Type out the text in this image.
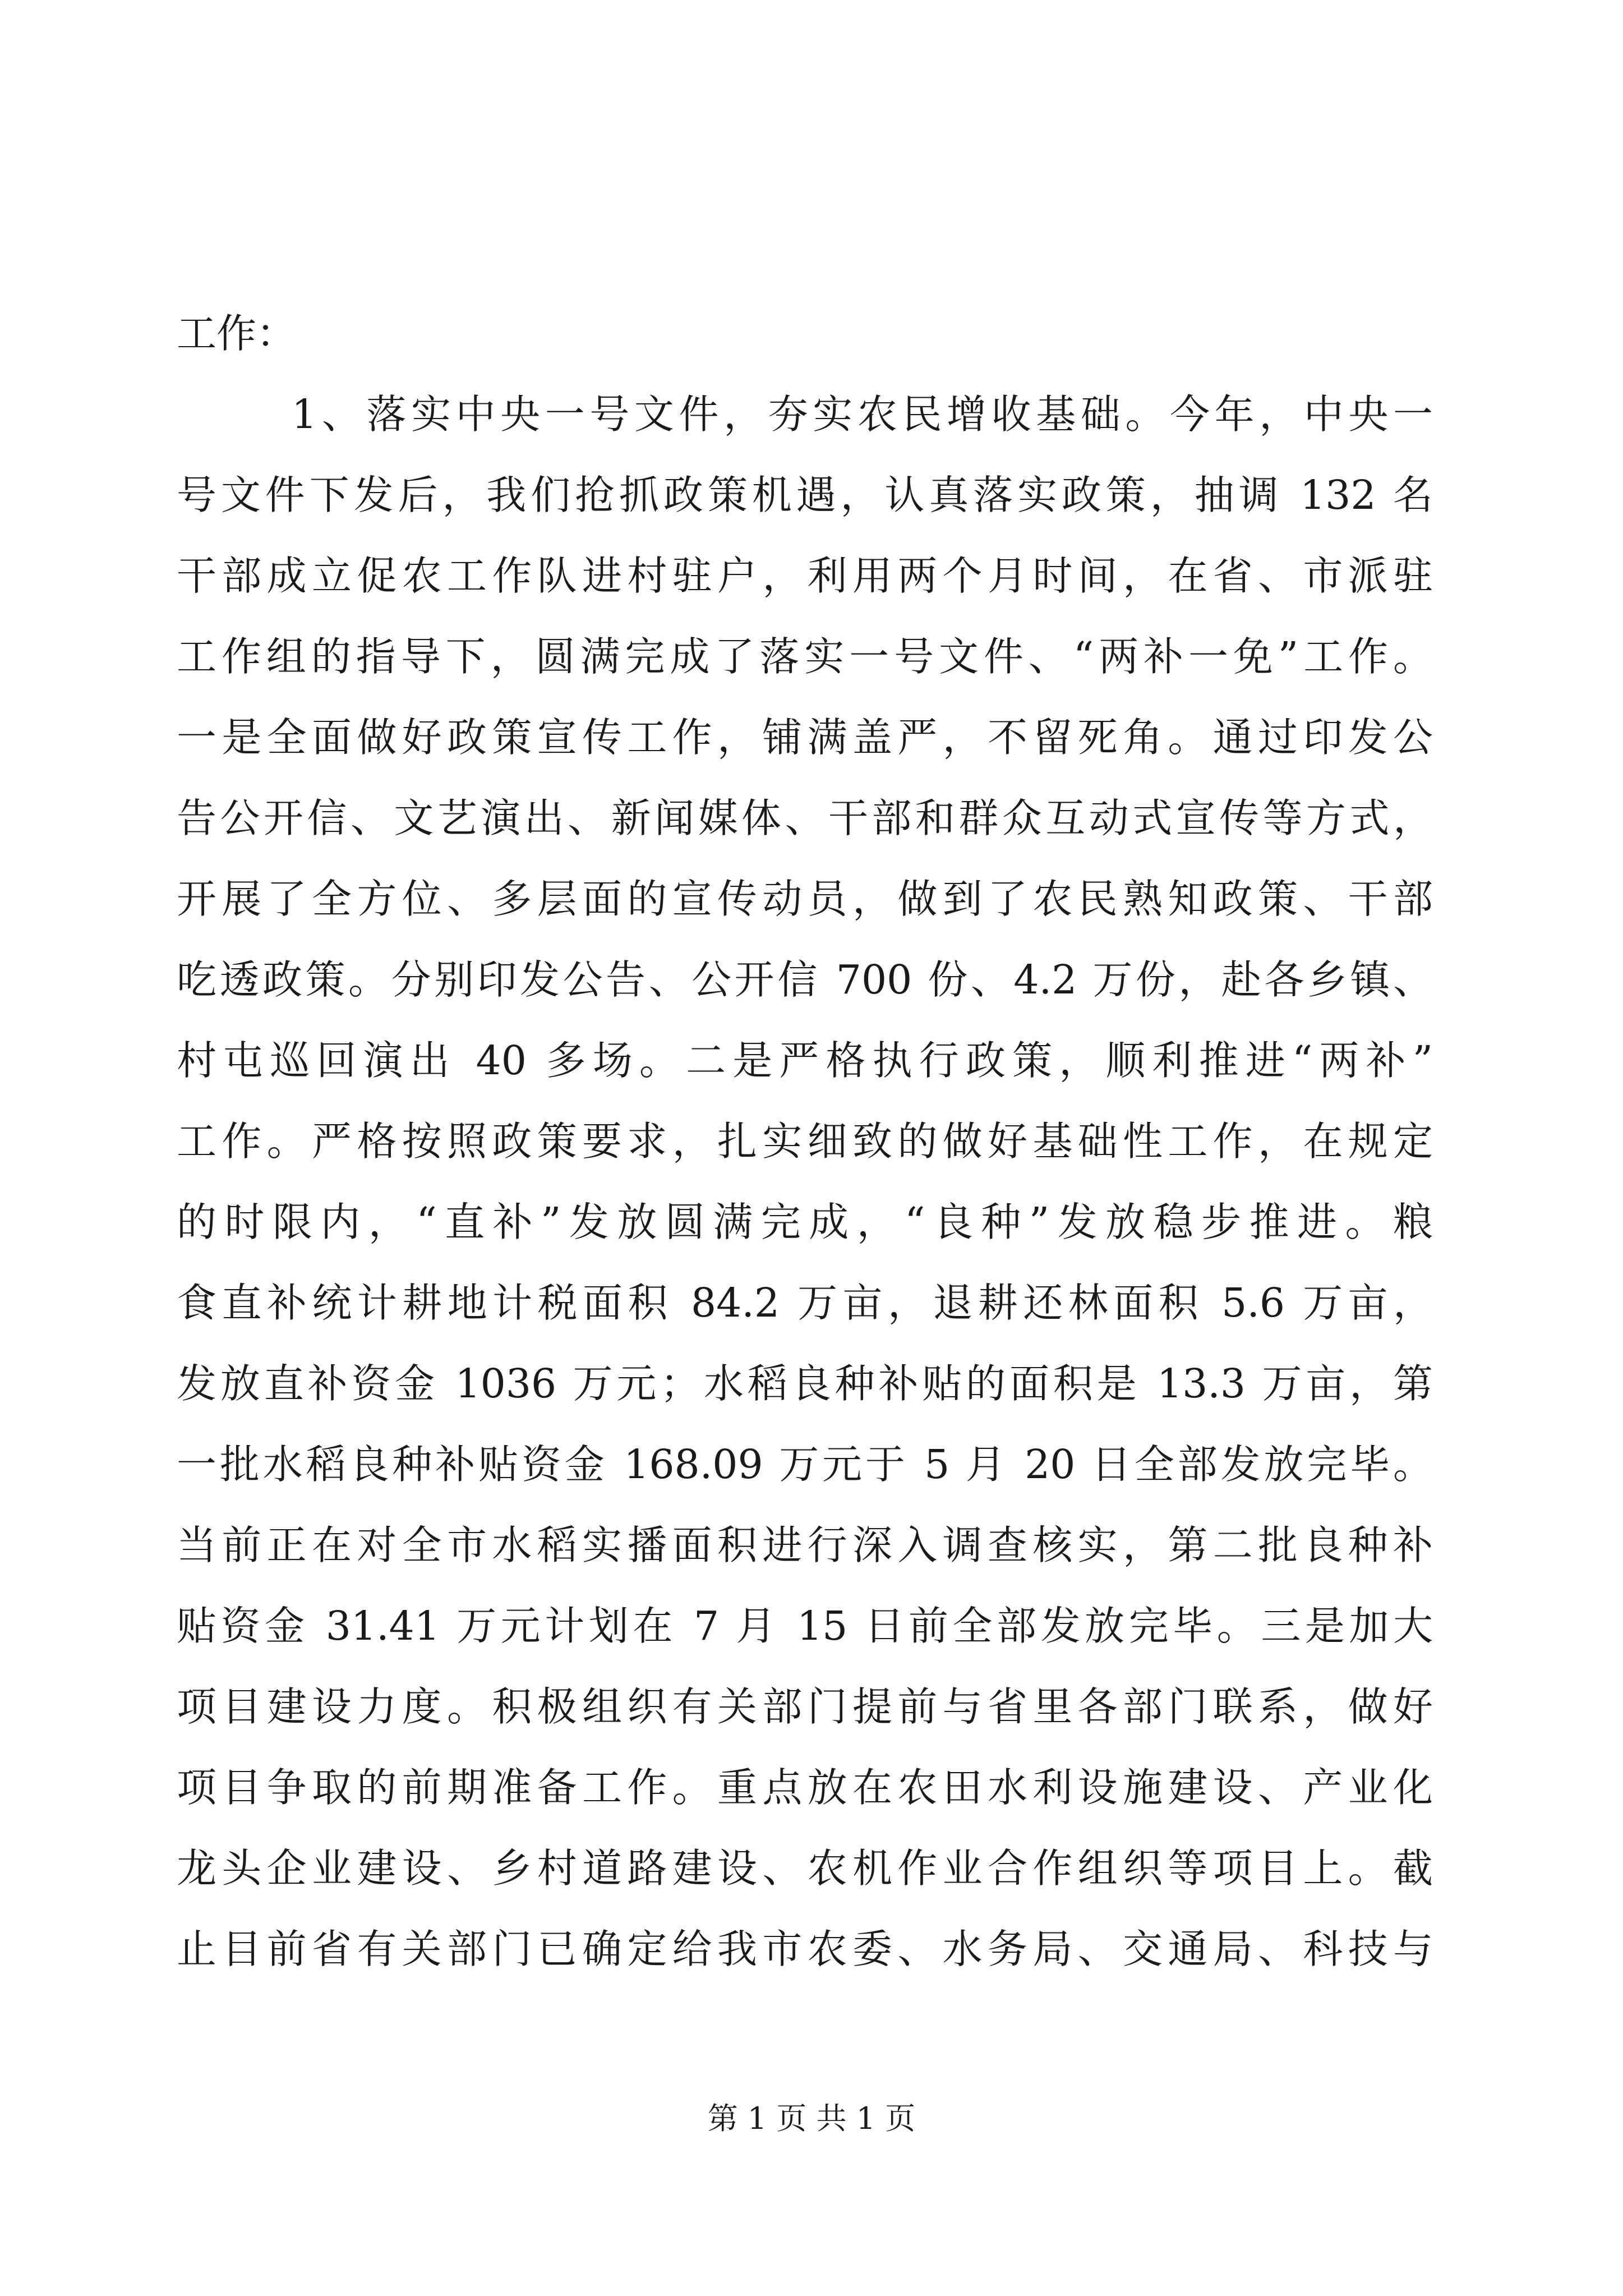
工作：
1、落实中央一号文件，夯实农民增收基础。今年，中央一
号文件下发后，我们抢抓政策机遇，认真落实政策，抽调 132 名
干部成立促农工作队进村驻户，利用两个月时间，在省、市派驻
工作组的指导下，圆满完成了落实一号文件、“两补一免”工作。
一是全面做好政策宣传工作，铺满盖严，不留死角。通过印发公
告公开信、文艺演出、新闻媒体、干部和群众互动式宣传等方式，
开展了全方位、多层面的宣传动员，做到了农民熟知政策、干部
吃透政策。分别印发公告、公开信 700 份、4.2 万份，赴各乡镇、
村屯巡回演出 40 多场。二是严格执行政策，顺利推进“两补”
工作。严格按照政策要求，扎实细致的做好基础性工作，在规定
的时限内，“直补”发放圆满完成，“良种”发放稳步推进。粮
食直补统计耕地计税面积 84.2 万亩，退耕还林面积 5.6 万亩，
发放直补资金 1036 万元；水稻良种补贴的面积是 13.3 万亩，第
一批水稻良种补贴资金 168.09 万元于 5 月 20 日全部发放完毕。
当前正在对全市水稻实播面积进行深入调查核实，第二批良种补
贴资金 31.41 万元计划在 7 月 15 日前全部发放完毕。三是加大
项目建设力度。积极组织有关部门提前与省里各部门联系，做好
项目争取的前期准备工作。重点放在农田水利设施建设、产业化
龙头企业建设、乡村道路建设、农机作业合作组织等项目上。截
止目前省有关部门已确定给我市农委、水务局、交通局、科技与
第 1 页 共 1 页
